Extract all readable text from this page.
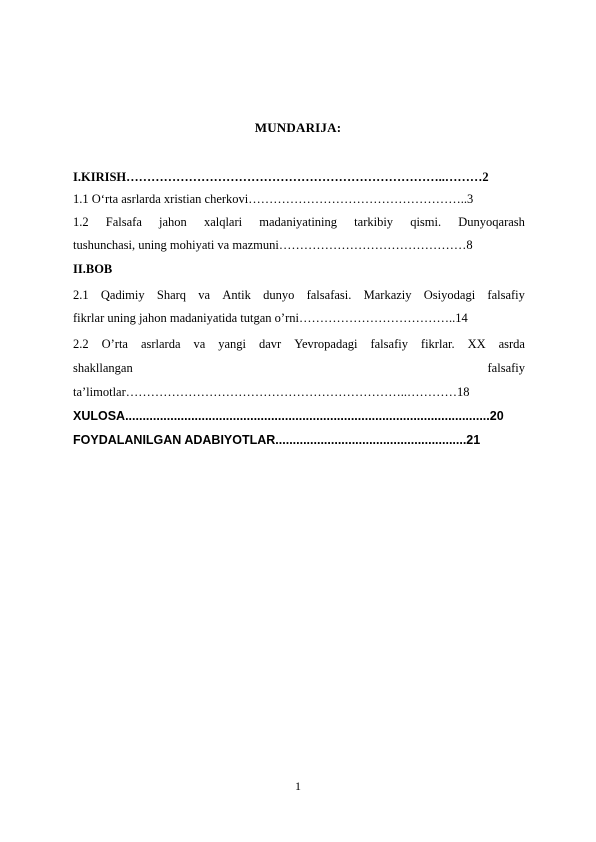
MUNDARIJA:
I.KIRISH…………………………………………………………………..………2
1.1 O‘rta asrlarda xristian cherkovi……………………………………………..3
1.2 Falsafa jahon xalqlari madaniyatining tarkibiy qismi. Dunyoqarash
tushunchasi, uning mohiyati va mazmuni………………………………………8
II.BOB
2.1 Qadimiy Sharq va Antik dunyo falsafasi. Markaziy Osiyodagi falsafiy
fikrlar uning jahon madaniyatida tutgan o’rni………………………………..14
2.2 O’rta asrlarda va yangi davr Yevropadagi falsafiy fikrlar. XX asrda
shakllangan	falsafiy
ta’limotlar…………………………………………………………..…………18
XULOSA.........................................................................................................20
FOYDALANILGAN ADABIYOTLAR.......................................................21
1
